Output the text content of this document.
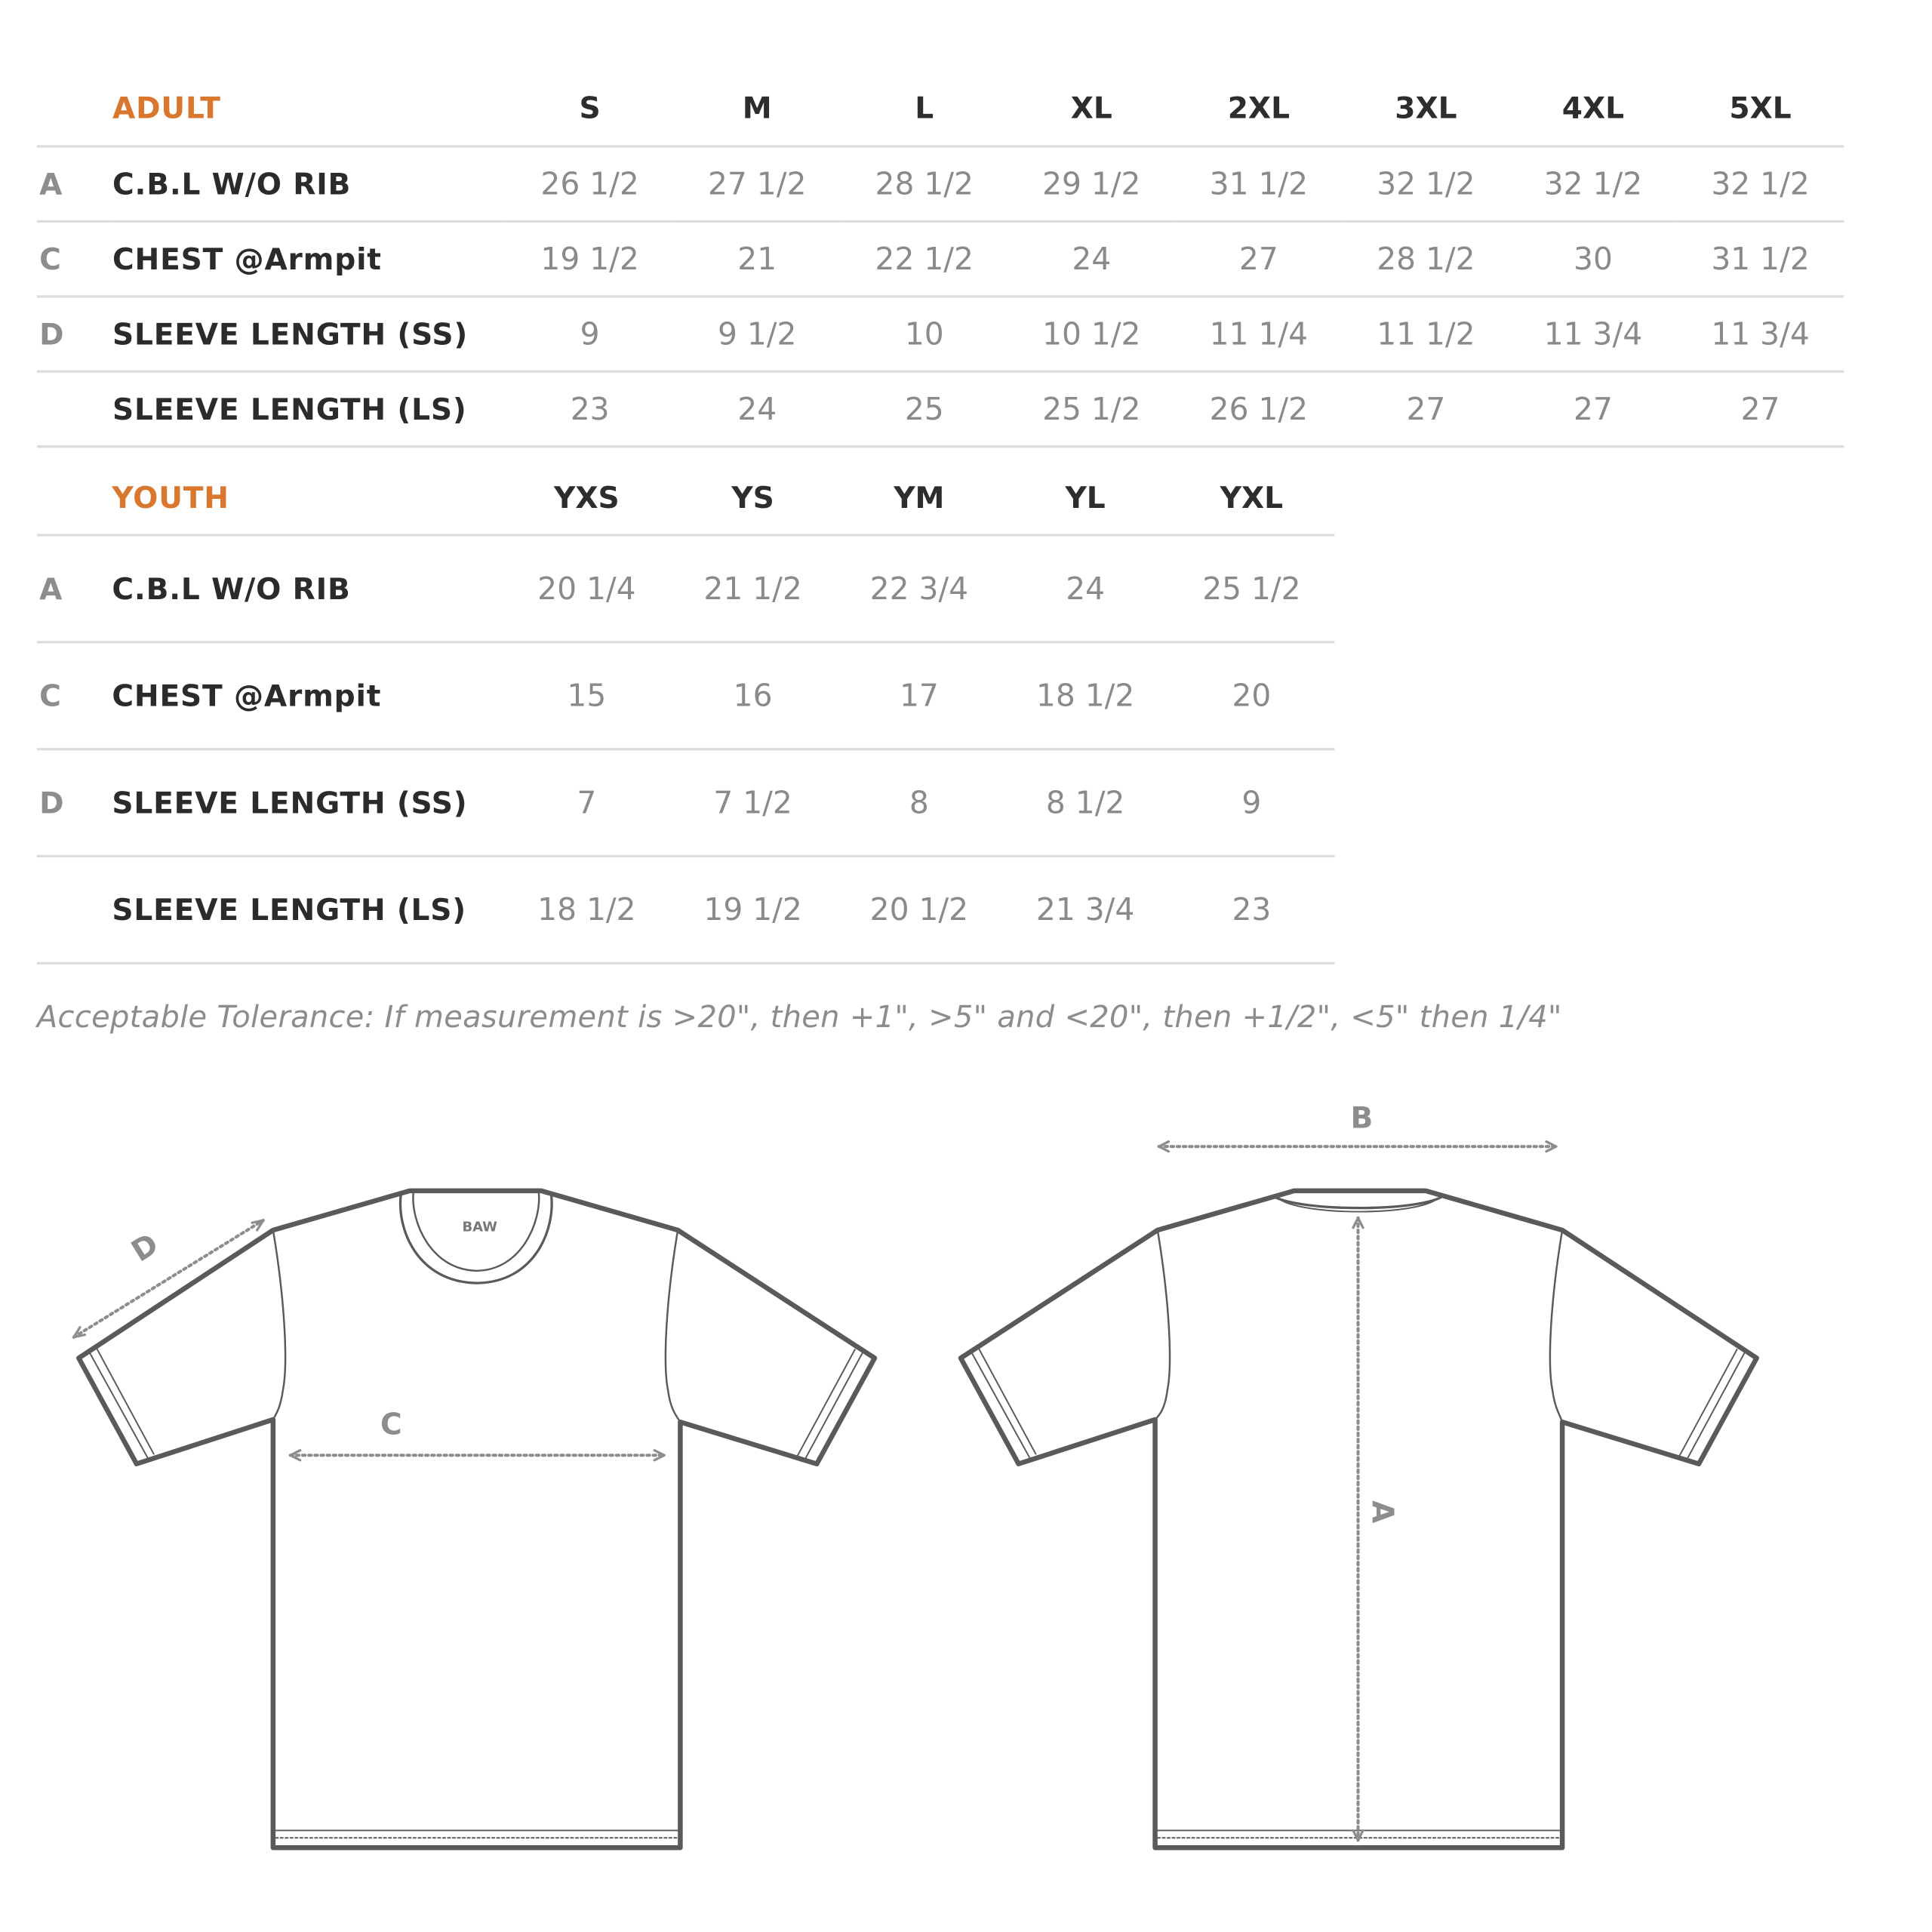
	ADULT	S	M	L	XL	2XL	3XL	4XL	5XL
A	C.B.L W/O RIB	26 1/2	27 1/2	28 1/2	29 1/2	31 1/2	32 1/2	32 1/2	32 1/2
C	CHEST @Armpit	19 1/2	21	22 1/2	24	27	28 1/2	30	31 1/2
D	SLEEVE LENGTH (SS)	9	9 1/2	10	10 1/2	11 1/4	11 1/2	11 3/4	11 3/4
	SLEEVE LENGTH (LS)	23	24	25	25 1/2	26 1/2	27	27	27
	YOUTH	YXS	YS	YM	YL	YXL
A	C.B.L W/O RIB	20 1/4	21 1/2	22 3/4	24	25 1/2
C	CHEST @Armpit	15	16	17	18 1/2	20
D	SLEEVE LENGTH (SS)	7	7 1/2	8	8 1/2	9
	SLEEVE LENGTH (LS)	18 1/2	19 1/2	20 1/2	21 3/4	23
Acceptable Tolerance: If measurement is >20", then +1", >5" and <20", then +1/2", <5" then 1/4"
BAW
C
D
B
A
